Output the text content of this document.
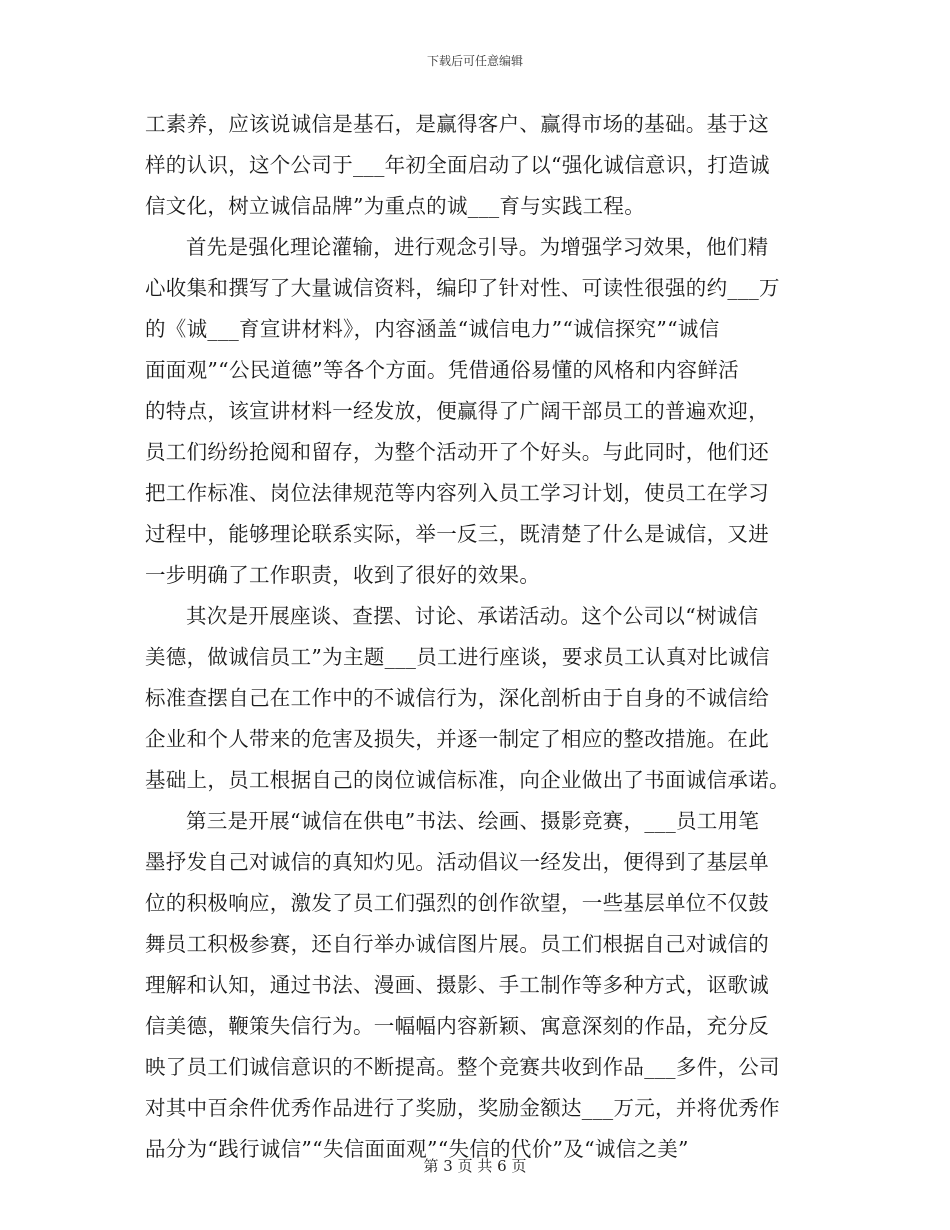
下载后可任意编辑
工素养，应该说诚信是基石，是赢得客户、赢得市场的基础。基于这
样的认识，这个公司于___年初全面启动了以“强化诚信意识，打造诚
信文化，树立诚信品牌”为重点的诚___育与实践工程。
首先是强化理论灌输，进行观念引导。为增强学习效果，他们精
心收集和撰写了大量诚信资料，编印了针对性、可读性很强的约___万
的《诚___育宣讲材料》，内容涵盖“诚信电力”“诚信探究”“诚信
面面观”“公民道德”等各个方面。凭借通俗易懂的风格和内容鲜活
的特点，该宣讲材料一经发放，便赢得了广阔干部员工的普遍欢迎，
员工们纷纷抢阅和留存，为整个活动开了个好头。与此同时，他们还
把工作标准、岗位法律规范等内容列入员工学习计划，使员工在学习
过程中，能够理论联系实际，举一反三，既清楚了什么是诚信，又进
一步明确了工作职责，收到了很好的效果。
其次是开展座谈、查摆、讨论、承诺活动。这个公司以“树诚信
美德，做诚信员工”为主题___员工进行座谈，要求员工认真对比诚信
标准查摆自己在工作中的不诚信行为，深化剖析由于自身的不诚信给
企业和个人带来的危害及损失，并逐一制定了相应的整改措施。在此
基础上，员工根据自己的岗位诚信标准，向企业做出了书面诚信承诺。
第三是开展“诚信在供电”书法、绘画、摄影竞赛，___员工用笔
墨抒发自己对诚信的真知灼见。活动倡议一经发出，便得到了基层单
位的积极响应，激发了员工们强烈的创作欲望，一些基层单位不仅鼓
舞员工积极参赛，还自行举办诚信图片展。员工们根据自己对诚信的
理解和认知，通过书法、漫画、摄影、手工制作等多种方式，讴歌诚
信美德，鞭策失信行为。一幅幅内容新颖、寓意深刻的作品，充分反
映了员工们诚信意识的不断提高。整个竞赛共收到作品___多件，公司
对其中百余件优秀作品进行了奖励，奖励金额达___万元，并将优秀作
品分为“践行诚信”“失信面面观”“失信的代价”及“诚信之美”
第 3 页 共 6 页
